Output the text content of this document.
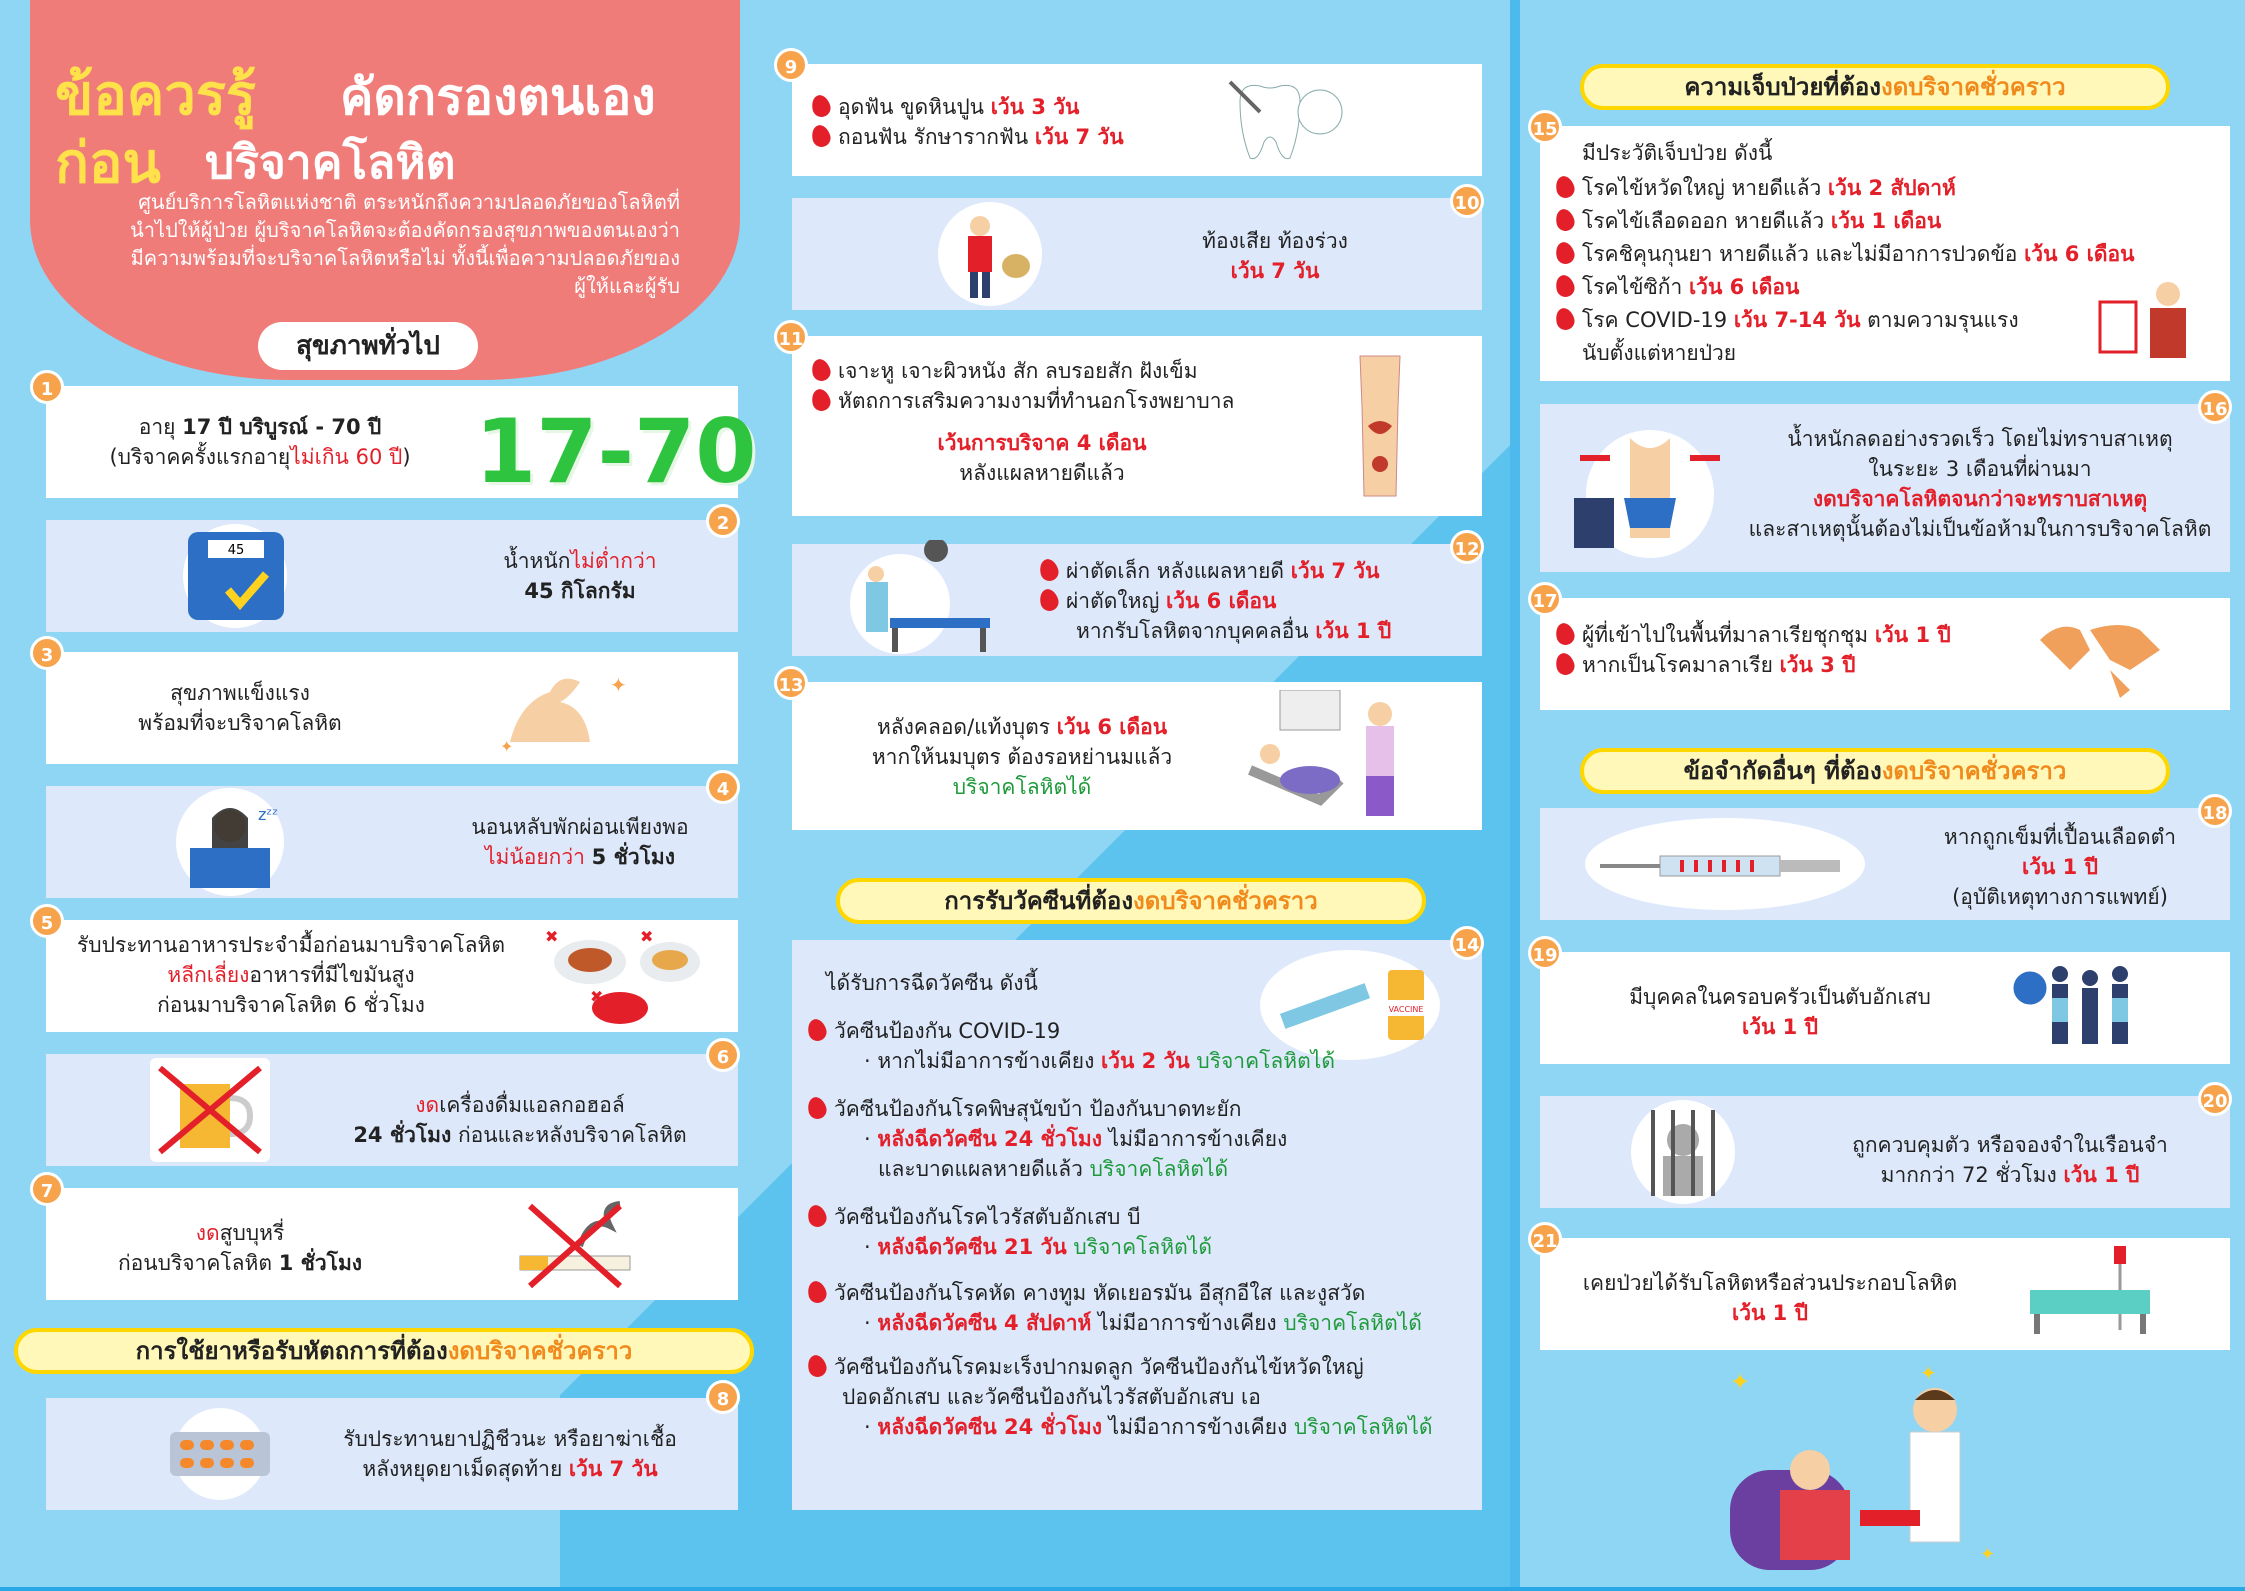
ข้อควรรู้ คัดกรองตนเอง
ก่อน บริจาคโลหิต
ศูนย์บริการโลหิตแห่งชาติ ตระหนักถึงความปลอดภัยของโลหิตที่นำไปให้ผู้ป่วย ผู้บริจาคโลหิตจะต้องคัดกรองสุขภาพของตนเองว่ามีความพร้อมที่จะบริจาคโลหิตหรือไม่ ทั้งนี้เพื่อความปลอดภัยของผู้ให้และผู้รับ
สุขภาพทั่วไป
1
อายุ 17 ปี บริบูรณ์ - 70 ปี
(บริจาคครั้งแรกอายุไม่เกิน 60 ปี) 17-70
2
45	น้ำหนักไม่ต่ำกว่า
45 กิโลกรัม
3
สุขภาพแข็งแรง
พร้อมที่จะบริจาคโลหิต
✦
✦
4
zᶻᶻ
นอนหลับพักผ่อนเพียงพอ
ไม่น้อยกว่า 5 ชั่วโมง
5
รับประทานอาหารประจำมื้อก่อนมาบริจาคโลหิต
หลีกเลี่ยงอาหารที่มีไขมันสูง
ก่อนมาบริจาคโลหิต 6 ชั่วโมง
✖	✖
✖
6
งดเครื่องดื่มแอลกอฮอล์
24 ชั่วโมง ก่อนและหลังบริจาคโลหิต
7
งดสูบบุหรี่
ก่อนบริจาคโลหิต 1 ชั่วโมง
การใช้ยาหรือรับหัตถการที่ต้องงดบริจาคชั่วคราว
8
รับประทานยาปฏิชีวนะ หรือยาฆ่าเชื้อ
หลังหยุดยาเม็ดสุดท้าย เว้น 7 วัน
9
อุดฟัน ขูดหินปูน เว้น 3 วัน
ถอนฟัน รักษารากฟัน เว้น 7 วัน
10
ท้องเสีย ท้องร่วง
เว้น 7 วัน
11
เจาะหู เจาะผิวหนัง สัก ลบรอยสัก ฝังเข็ม
หัตถการเสริมความงามที่ทำนอกโรงพยาบาล
เว้นการบริจาค 4 เดือน
หลังแผลหายดีแล้ว
12
ผ่าตัดเล็ก หลังแผลหายดี เว้น 7 วัน
ผ่าตัดใหญ่ เว้น 6 เดือน
หากรับโลหิตจากบุคคลอื่น เว้น 1 ปี
13
หลังคลอด/แท้งบุตร เว้น 6 เดือน
หากให้นมบุตร ต้องรอหย่านมแล้ว
บริจาคโลหิตได้
การรับวัคซีนที่ต้องงดบริจาคชั่วคราว
14
ได้รับการฉีดวัคซีน ดังนี้
VACCINE
วัคซีนป้องกัน COVID-19
· หากไม่มีอาการข้างเคียง เว้น 2 วัน บริจาคโลหิตได้
วัคซีนป้องกันโรคพิษสุนัขบ้า ป้องกันบาดทะยัก
· หลังฉีดวัคซีน 24 ชั่วโมง ไม่มีอาการข้างเคียง
และบาดแผลหายดีแล้ว บริจาคโลหิตได้
วัคซีนป้องกันโรคไวรัสตับอักเสบ บี
· หลังฉีดวัคซีน 21 วัน บริจาคโลหิตได้
วัคซีนป้องกันโรคหัด คางทูม หัดเยอรมัน อีสุกอีใส และงูสวัด
· หลังฉีดวัคซีน 4 สัปดาห์ ไม่มีอาการข้างเคียง บริจาคโลหิตได้
วัคซีนป้องกันโรคมะเร็งปากมดลูก วัคซีนป้องกันไข้หวัดใหญ่
ปอดอักเสบ และวัคซีนป้องกันไวรัสตับอักเสบ เอ
· หลังฉีดวัคซีน 24 ชั่วโมง ไม่มีอาการข้างเคียง บริจาคโลหิตได้
ความเจ็บป่วยที่ต้องงดบริจาคชั่วคราว
15
มีประวัติเจ็บป่วย ดังนี้
โรคไข้หวัดใหญ่ หายดีแล้ว เว้น 2 สัปดาห์
โรคไข้เลือดออก หายดีแล้ว เว้น 1 เดือน
โรคชิคุนกุนยา หายดีแล้ว และไม่มีอาการปวดข้อ เว้น 6 เดือน
โรคไข้ซิก้า เว้น 6 เดือน
โรค COVID-19 เว้น 7-14 วัน ตามความรุนแรง
นับตั้งแต่หายป่วย
16
น้ำหนักลดอย่างรวดเร็ว โดยไม่ทราบสาเหตุ
ในระยะ 3 เดือนที่ผ่านมา
งดบริจาคโลหิตจนกว่าจะทราบสาเหตุ
และสาเหตุนั้นต้องไม่เป็นข้อห้ามในการบริจาคโลหิต
17
ผู้ที่เข้าไปในพื้นที่มาลาเรียชุกชุม เว้น 1 ปี
หากเป็นโรคมาลาเรีย เว้น 3 ปี
ข้อจำกัดอื่นๆ ที่ต้องงดบริจาคชั่วคราว
18
หากถูกเข็มที่เปื้อนเลือดตำ
เว้น 1 ปี
(อุบัติเหตุทางการแพทย์)
19
มีบุคคลในครอบครัวเป็นตับอักเสบ
เว้น 1 ปี
20
ถูกควบคุมตัว หรือจองจำในเรือนจำ
มากกว่า 72 ชั่วโมง เว้น 1 ปี
21
เคยป่วยได้รับโลหิตหรือส่วนประกอบโลหิต
เว้น 1 ปี
✦	✦
✦
